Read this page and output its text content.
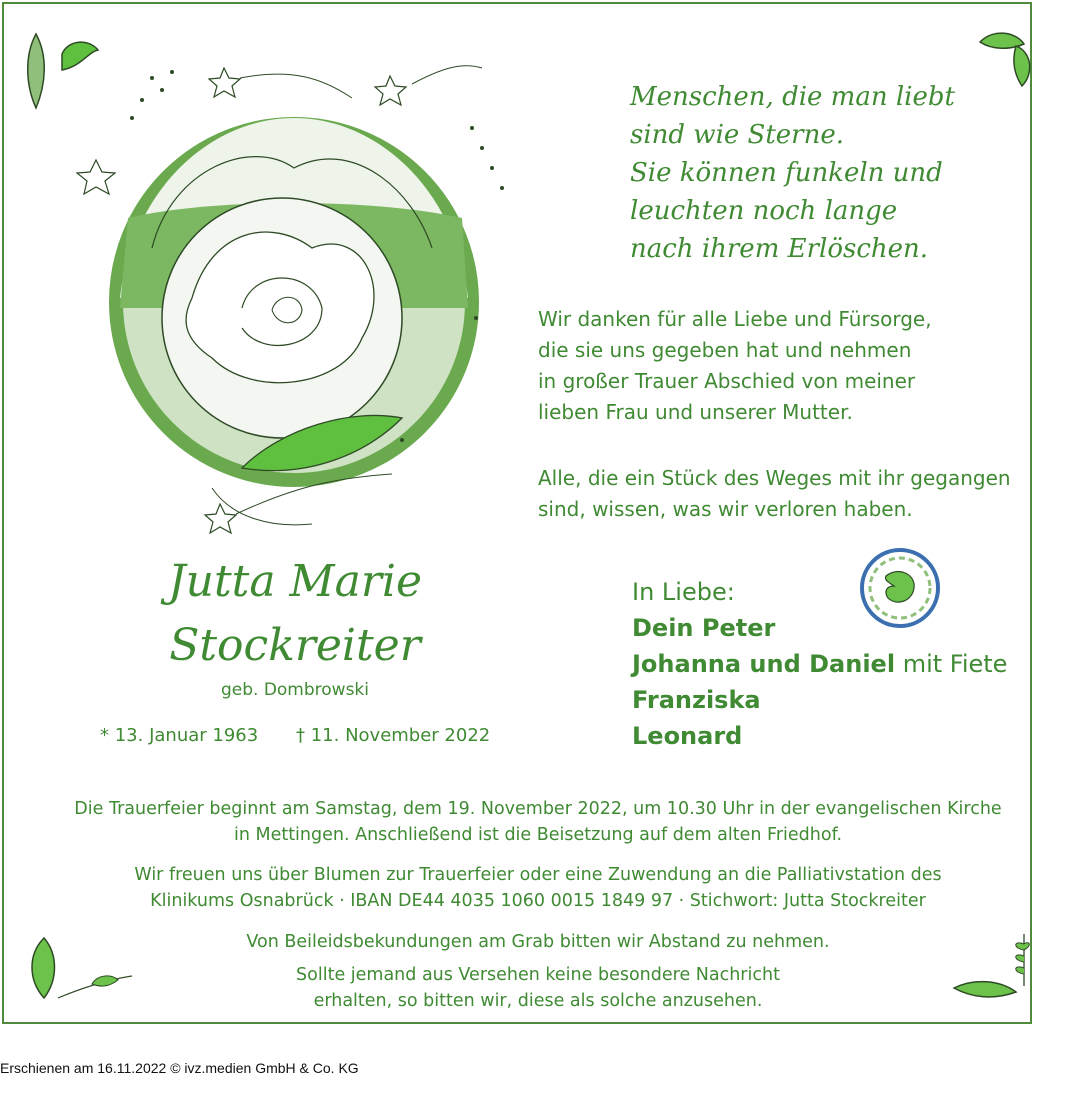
Menschen, die man liebt
sind wie Sterne.
Sie können funkeln und
leuchten noch lange
nach ihrem Erlöschen.
Wir danken für alle Liebe und Fürsorge,
die sie uns gegeben hat und nehmen
in großer Trauer Abschied von meiner
lieben Frau und unserer Mutter.
Alle, die ein Stück des Weges mit ihr gegangen
sind, wissen, was wir verloren haben.
Jutta Marie
Stockreiter
geb. Dombrowski
* 13. Januar 1963 † 11. November 2022
In Liebe:
Dein Peter
Johanna und Daniel mit Fiete
Franziska
Leonard
Die Trauerfeier beginnt am Samstag, dem 19. November 2022, um 10.30 Uhr in der evangelischen Kirche
in Mettingen. Anschließend ist die Beisetzung auf dem alten Friedhof.
Wir freuen uns über Blumen zur Trauerfeier oder eine Zuwendung an die Palliativstation des
Klinikums Osnabrück · IBAN DE44 4035 1060 0015 1849 97 · Stichwort: Jutta Stockreiter
Von Beileidsbekundungen am Grab bitten wir Abstand zu nehmen.
Sollte jemand aus Versehen keine besondere Nachricht
erhalten, so bitten wir, diese als solche anzusehen.
Erschienen am 16.11.2022 © ivz.medien GmbH & Co. KG
